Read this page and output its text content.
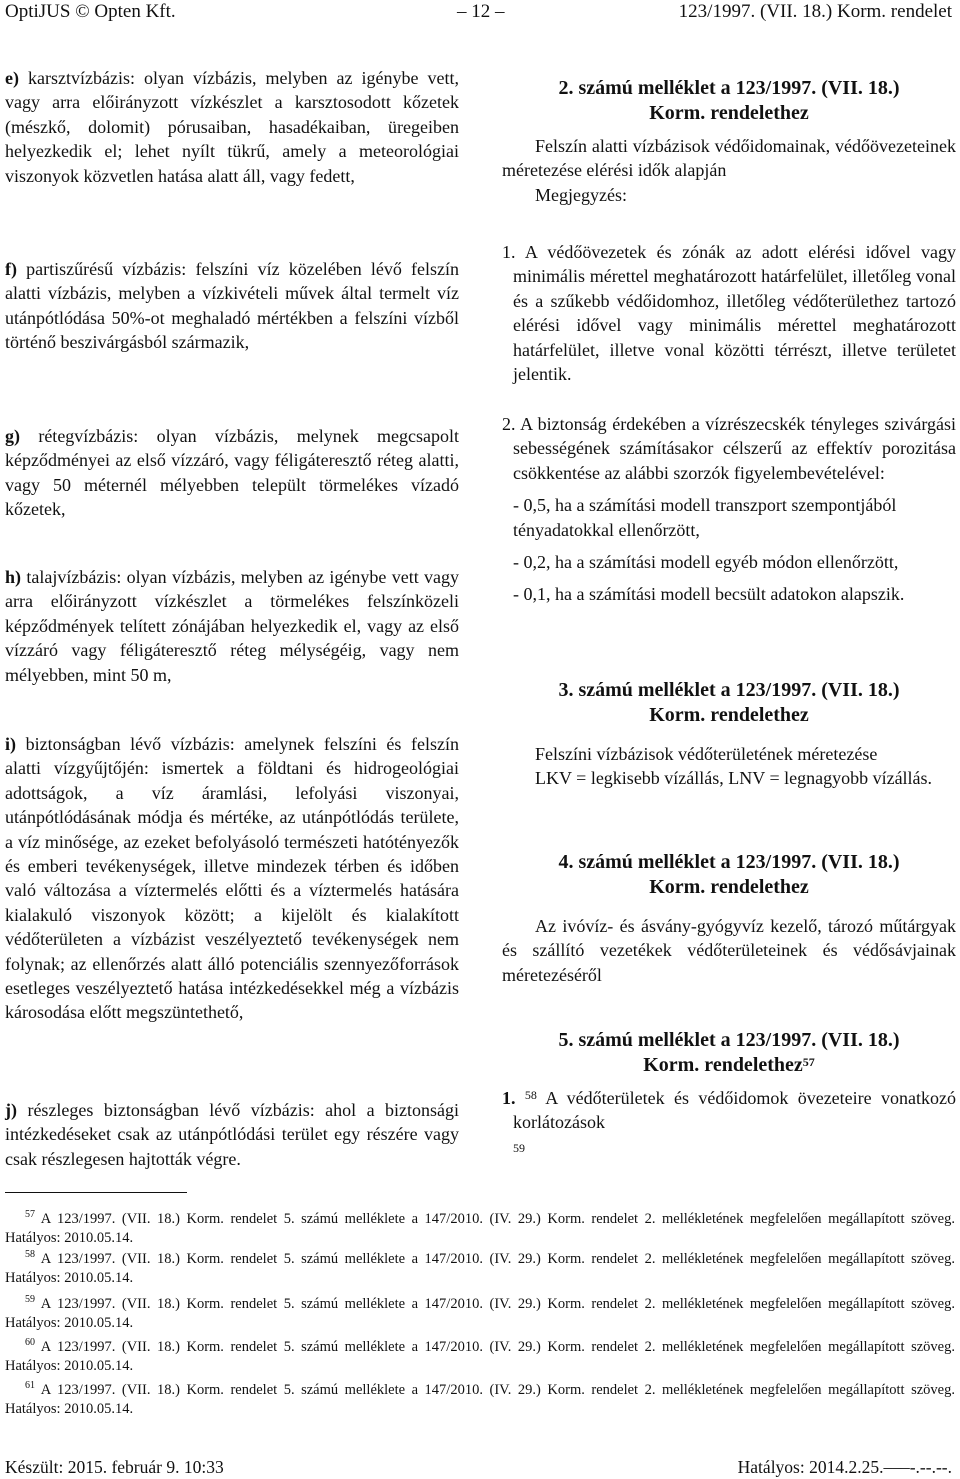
OptiJUS © Opten Kft.	– 12 –	123/1997. (VII. 18.) Korm. rendelet

e) karsztvízbázis: olyan vízbázis, melyben az igénybe vett, vagy arra előirányzott vízkészlet a karsztosodott kőzetek (mészkő, dolomit) pórusaiban, hasadékaiban, üregeiben helyezkedik el; lehet nyílt tükrű, amely a meteorológiai viszonyok közvetlen hatása alatt áll, vagy fedett,

f) partiszűrésű vízbázis: felszíni víz közelében lévő felszín alatti vízbázis, melyben a vízkivételi művek által termelt víz utánpótlódása 50%-ot meghaladó mértékben a felszíni vízből történő beszivárgásból származik,
g) rétegvízbázis: olyan vízbázis, melynek megcsapolt képződményei az első vízzáró, vagy féligáteresztő réteg alatti, vagy 50 méternél mélyebben települt törmelékes vízadó kőzetek,
h) talajvízbázis: olyan vízbázis, melyben az igénybe vett vagy arra előirányzott vízkészlet a törmelékes felszínközeli képződmények telített zónájában helyezkedik el, vagy az első vízzáró vagy féligáteresztő réteg mélységéig, vagy nem mélyebben, mint 50 m,
i) biztonságban lévő vízbázis: amelynek felszíni és felszín alatti vízgyűjtőjén: ismertek a földtani és hidrogeológiai adottságok, a víz áramlási, lefolyási viszonyai, utánpótlódásának módja és mértéke, az utánpótlódás területe, a víz minősége, az ezeket befolyásoló természeti hatótényezők és emberi tevékenységek, illetve mindezek térben és időben való változása a víztermelés előtti és a víztermelés hatására kialakuló viszonyok között; a kijelölt és kialakított védőterületen a vízbázist veszélyeztető tevékenységek nem folynak; az ellenőrzés alatt álló potenciális szennyezőforrások esetleges veszélyeztető hatása intézkedésekkel még a vízbázis károsodása előtt megszüntethető,
j) részleges biztonságban lévő vízbázis: ahol a biztonsági intézkedéseket csak az utánpótlódási terület egy részére vagy csak részlegesen hajtották végre.

2. számú melléklet a 123/1997. (VII. 18.)

Korm. rendelethez

Felszín alatti vízbázisok védőidomainak, védőövezeteinek méretezése elérési idők alapján

Megjegyzés:

1. A védőövezetek és zónák az adott elérési idővel vagy minimális mérettel meghatározott határfelület, illetőleg vonal és a szűkebb védőidomhoz, illetőleg védőterülethez tartozó elérési idővel vagy minimális mérettel meghatározott határfelület, illetve vonal közötti térrészt, illetve területet jelentik.

2. A biztonság érdekében a vízrészecskék tényleges szivárgási sebességének számításakor célszerű az effektív porozitása csökkentése az alábbi szorzók figyelembevételével:

- 0,5, ha a számítási modell transzport szempontjából tényadatokkal ellenőrzött,

- 0,2, ha a számítási modell egyéb módon ellenőrzött,

- 0,1, ha a számítási modell becsült adatokon alapszik.

3. számú melléklet a 123/1997. (VII. 18.)

Korm. rendelethez

Felszíni vízbázisok védőterületének méretezése

LKV = legkisebb vízállás, LNV = legnagyobb vízállás.

4. számú melléklet a 123/1997. (VII. 18.)

Korm. rendelethez

Az ivóvíz- és ásvány-gyógyvíz kezelő, tározó műtárgyak és szállító vezetékek védőterületeinek és védősávjainak méretezéséről

5. számú melléklet a 123/1997. (VII. 18.)

Korm. rendelethez$^{57}$

1. $^{58}$ A védőterületek és védőidomok övezeteire vonatkozó korlátozások

$^{59}$

$^{57}$ A 123/1997. (VII. 18.) Korm. rendelet 5. számú melléklete a 147/2010. (IV. 29.) Korm. rendelet 2. mellékletének megfelelően megállapított szöveg. Hatályos: 2010.05.14.
$^{58}$ A 123/1997. (VII. 18.) Korm. rendelet 5. számú melléklete a 147/2010. (IV. 29.) Korm. rendelet 2. mellékletének megfelelően megállapított szöveg. Hatályos: 2010.05.14.
$^{59}$ A 123/1997. (VII. 18.) Korm. rendelet 5. számú melléklete a 147/2010. (IV. 29.) Korm. rendelet 2. mellékletének megfelelően megállapított szöveg. Hatályos: 2010.05.14.
$^{60}$ A 123/1997. (VII. 18.) Korm. rendelet 5. számú melléklete a 147/2010. (IV. 29.) Korm. rendelet 2. mellékletének megfelelően megállapított szöveg. Hatályos: 2010.05.14.
$^{61}$ A 123/1997. (VII. 18.) Korm. rendelet 5. számú melléklete a 147/2010. (IV. 29.) Korm. rendelet 2. mellékletének megfelelően megállapított szöveg. Hatályos: 2010.05.14.
Készült: 2015. február 9. 10:33	Hatályos: 2014.2.25.–––-.--.--.
